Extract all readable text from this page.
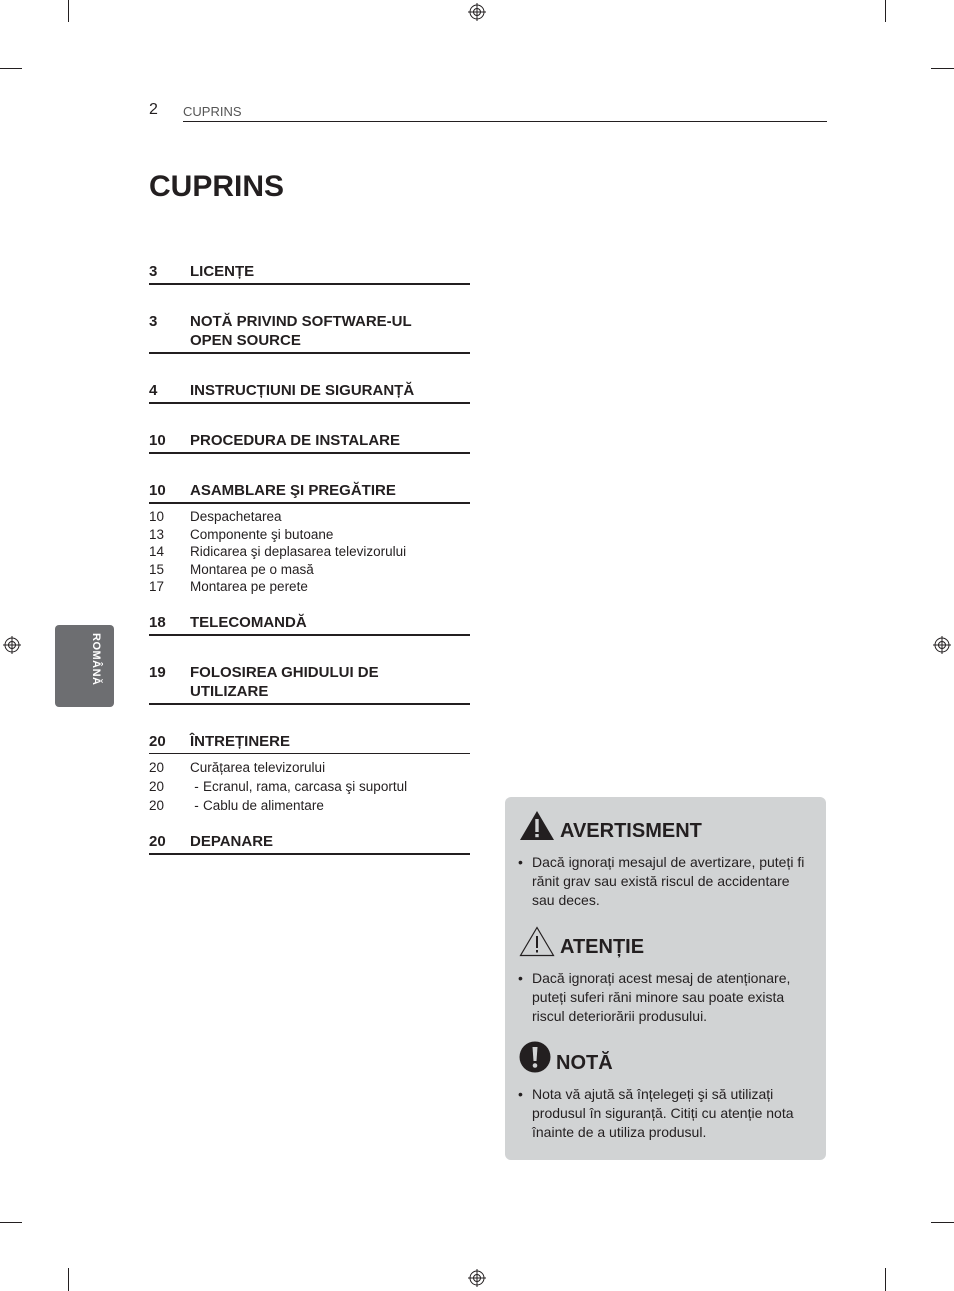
2 CUPRINS
CUPRINS
3	LICENȚE
3	NOTĂ PRIVIND SOFTWARE-UL
OPEN SOURCE
4	INSTRUCȚIUNI DE SIGURANȚĂ
10	PROCEDURA DE INSTALARE
10	ASAMBLARE ŞI PREGĂTIRE
10	Despachetarea
13	Componente şi butoane
14	Ridicarea şi deplasarea televizorului
15	Montarea pe o masă
17	Montarea pe perete
18	TELECOMANDĂ
19	FOLOSIREA GHIDULUI DE
UTILIZARE
20	ÎNTREȚINERE
20	Curățarea televizorului
20	- Ecranul, rama, carcasa şi suportul
20	- Cablu de alimentare
20	DEPANARE
ROMÂNĂ
AVERTISMENT
• Dacă ignorați mesajul de avertizare, puteți fi rănit grav sau există riscul de accidentare sau deces.
ATENȚIE
• Dacă ignorați acest mesaj de atenționare, puteți suferi răni minore sau poate exista riscul deteriorării produsului.
NOTĂ
• Nota vă ajută să înțelegeți şi să utilizați produsul în siguranță. Citiți cu atenție nota înainte de a utiliza produsul.
